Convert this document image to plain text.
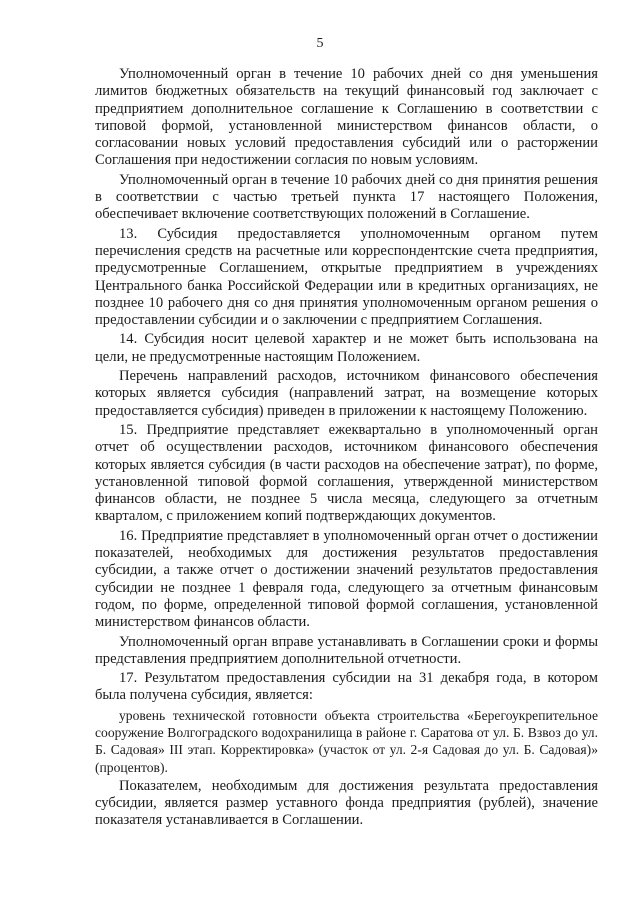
5

Уполномоченный орган в течение 10 рабочих дней со дня уменьшения лимитов бюджетных обязательств на текущий финансовый год заключает с предприятием дополнительное соглашение к Соглашению в соответствии с типовой формой, установленной министерством финансов области, о согласовании новых условий предоставления субсидий или о расторжении Соглашения при недостижении согласия по новым условиям.

Уполномоченный орган в течение 10 рабочих дней со дня принятия решения в соответствии с частью третьей пункта 17 настоящего Положения, обеспечивает включение соответствующих положений в Соглашение.

13. Субсидия предоставляется уполномоченным органом путем перечисления средств на расчетные или корреспондентские счета предприятия, предусмотренные Соглашением, открытые предприятием в учреждениях Центрального банка Российской Федерации или в кредитных организациях, не позднее 10 рабочего дня со дня принятия уполномоченным органом решения о предоставлении субсидии и о заключении с предприятием Соглашения.

14. Субсидия носит целевой характер и не может быть использована на цели, не предусмотренные настоящим Положением.

Перечень направлений расходов, источником финансового обеспечения которых является субсидия (направлений затрат, на возмещение которых предоставляется субсидия) приведен в приложении к настоящему Положению.

15. Предприятие представляет ежеквартально в уполномоченный орган отчет об осуществлении расходов, источником финансового обеспечения которых является субсидия (в части расходов на обеспечение затрат), по форме, установленной типовой формой соглашения, утвержденной министерством финансов области, не позднее 5 числа месяца, следующего за отчетным кварталом, с приложением копий подтверждающих документов.

16. Предприятие представляет в уполномоченный орган отчет о достижении показателей, необходимых для достижения результатов предоставления субсидии, а также отчет о достижении значений результатов предоставления субсидии не позднее 1 февраля года, следующего за отчетным финансовым годом, по форме, определенной типовой формой соглашения, установленной министерством финансов области.

Уполномоченный орган вправе устанавливать в Соглашении сроки и формы представления предприятием дополнительной отчетности.

17. Результатом предоставления субсидии на 31 декабря года, в котором была получена субсидия, является:

уровень технической готовности объекта строительства «Берегоукрепительное сооружение Волгоградского водохранилища в районе г. Саратова от ул. Б. Взвоз до ул. Б. Садовая» III этап. Корректировка» (участок от ул. 2-я Садовая до ул. Б. Садовая)» (процентов).

Показателем, необходимым для достижения результата предоставления субсидии, является размер уставного фонда предприятия (рублей), значение показателя устанавливается в Соглашении.
